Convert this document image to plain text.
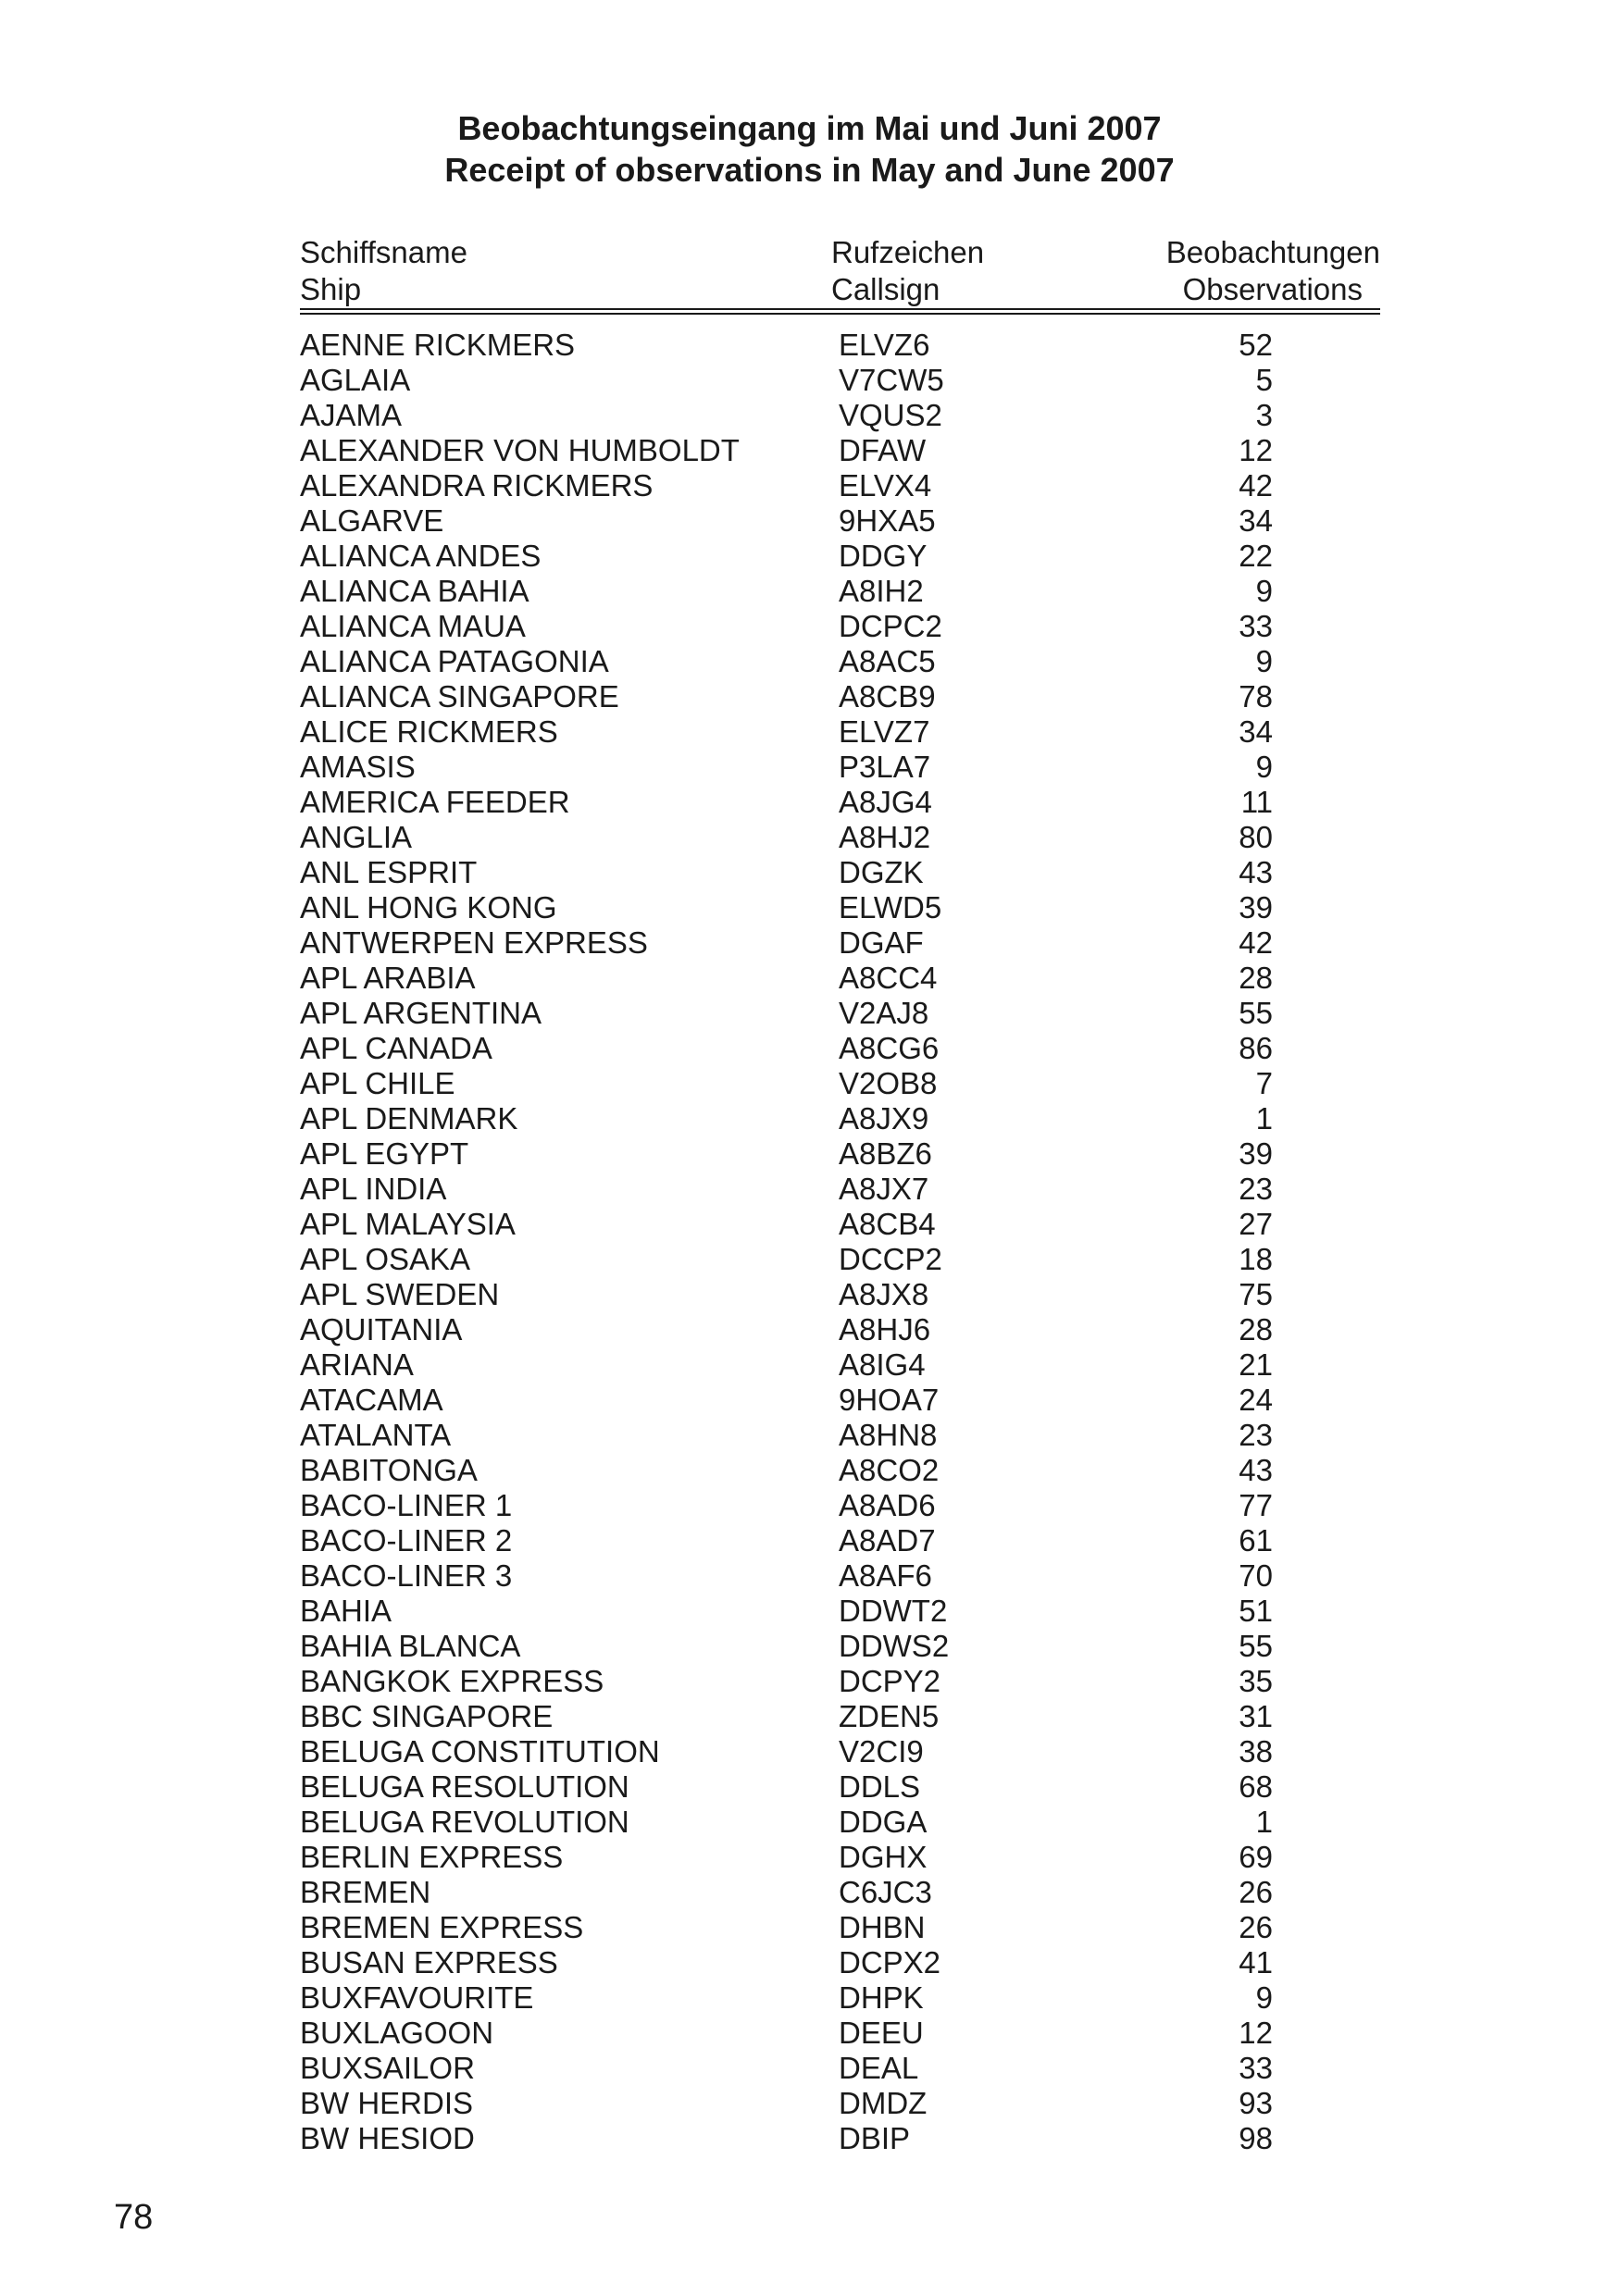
Beobachtungseingang im Mai und Juni 2007
Receipt of observations in May and June 2007
Schiffsname	Rufzeichen	Beobachtungen
Ship	Callsign	Observations
AENNE RICKMERS	ELVZ6	52
AGLAIA	V7CW5	5
AJAMA	VQUS2	3
ALEXANDER VON HUMBOLDT	DFAW	12
ALEXANDRA RICKMERS	ELVX4	42
ALGARVE	9HXA5	34
ALIANCA ANDES	DDGY	22
ALIANCA BAHIA	A8IH2	9
ALIANCA MAUA	DCPC2	33
ALIANCA PATAGONIA	A8AC5	9
ALIANCA SINGAPORE	A8CB9	78
ALICE RICKMERS	ELVZ7	34
AMASIS	P3LA7	9
AMERICA FEEDER	A8JG4	11
ANGLIA	A8HJ2	80
ANL ESPRIT	DGZK	43
ANL HONG KONG	ELWD5	39
ANTWERPEN EXPRESS	DGAF	42
APL ARABIA	A8CC4	28
APL ARGENTINA	V2AJ8	55
APL CANADA	A8CG6	86
APL CHILE	V2OB8	7
APL DENMARK	A8JX9	1
APL EGYPT	A8BZ6	39
APL INDIA	A8JX7	23
APL MALAYSIA	A8CB4	27
APL OSAKA	DCCP2	18
APL SWEDEN	A8JX8	75
AQUITANIA	A8HJ6	28
ARIANA	A8IG4	21
ATACAMA	9HOA7	24
ATALANTA	A8HN8	23
BABITONGA	A8CO2	43
BACO-LINER 1	A8AD6	77
BACO-LINER 2	A8AD7	61
BACO-LINER 3	A8AF6	70
BAHIA	DDWT2	51
BAHIA BLANCA	DDWS2	55
BANGKOK EXPRESS	DCPY2	35
BBC SINGAPORE	ZDEN5	31
BELUGA CONSTITUTION	V2CI9	38
BELUGA RESOLUTION	DDLS	68
BELUGA REVOLUTION	DDGA	1
BERLIN EXPRESS	DGHX	69
BREMEN	C6JC3	26
BREMEN EXPRESS	DHBN	26
BUSAN EXPRESS	DCPX2	41
BUXFAVOURITE	DHPK	9
BUXLAGOON	DEEU	12
BUXSAILOR	DEAL	33
BW HERDIS	DMDZ	93
BW HESIOD	DBIP	98
78
